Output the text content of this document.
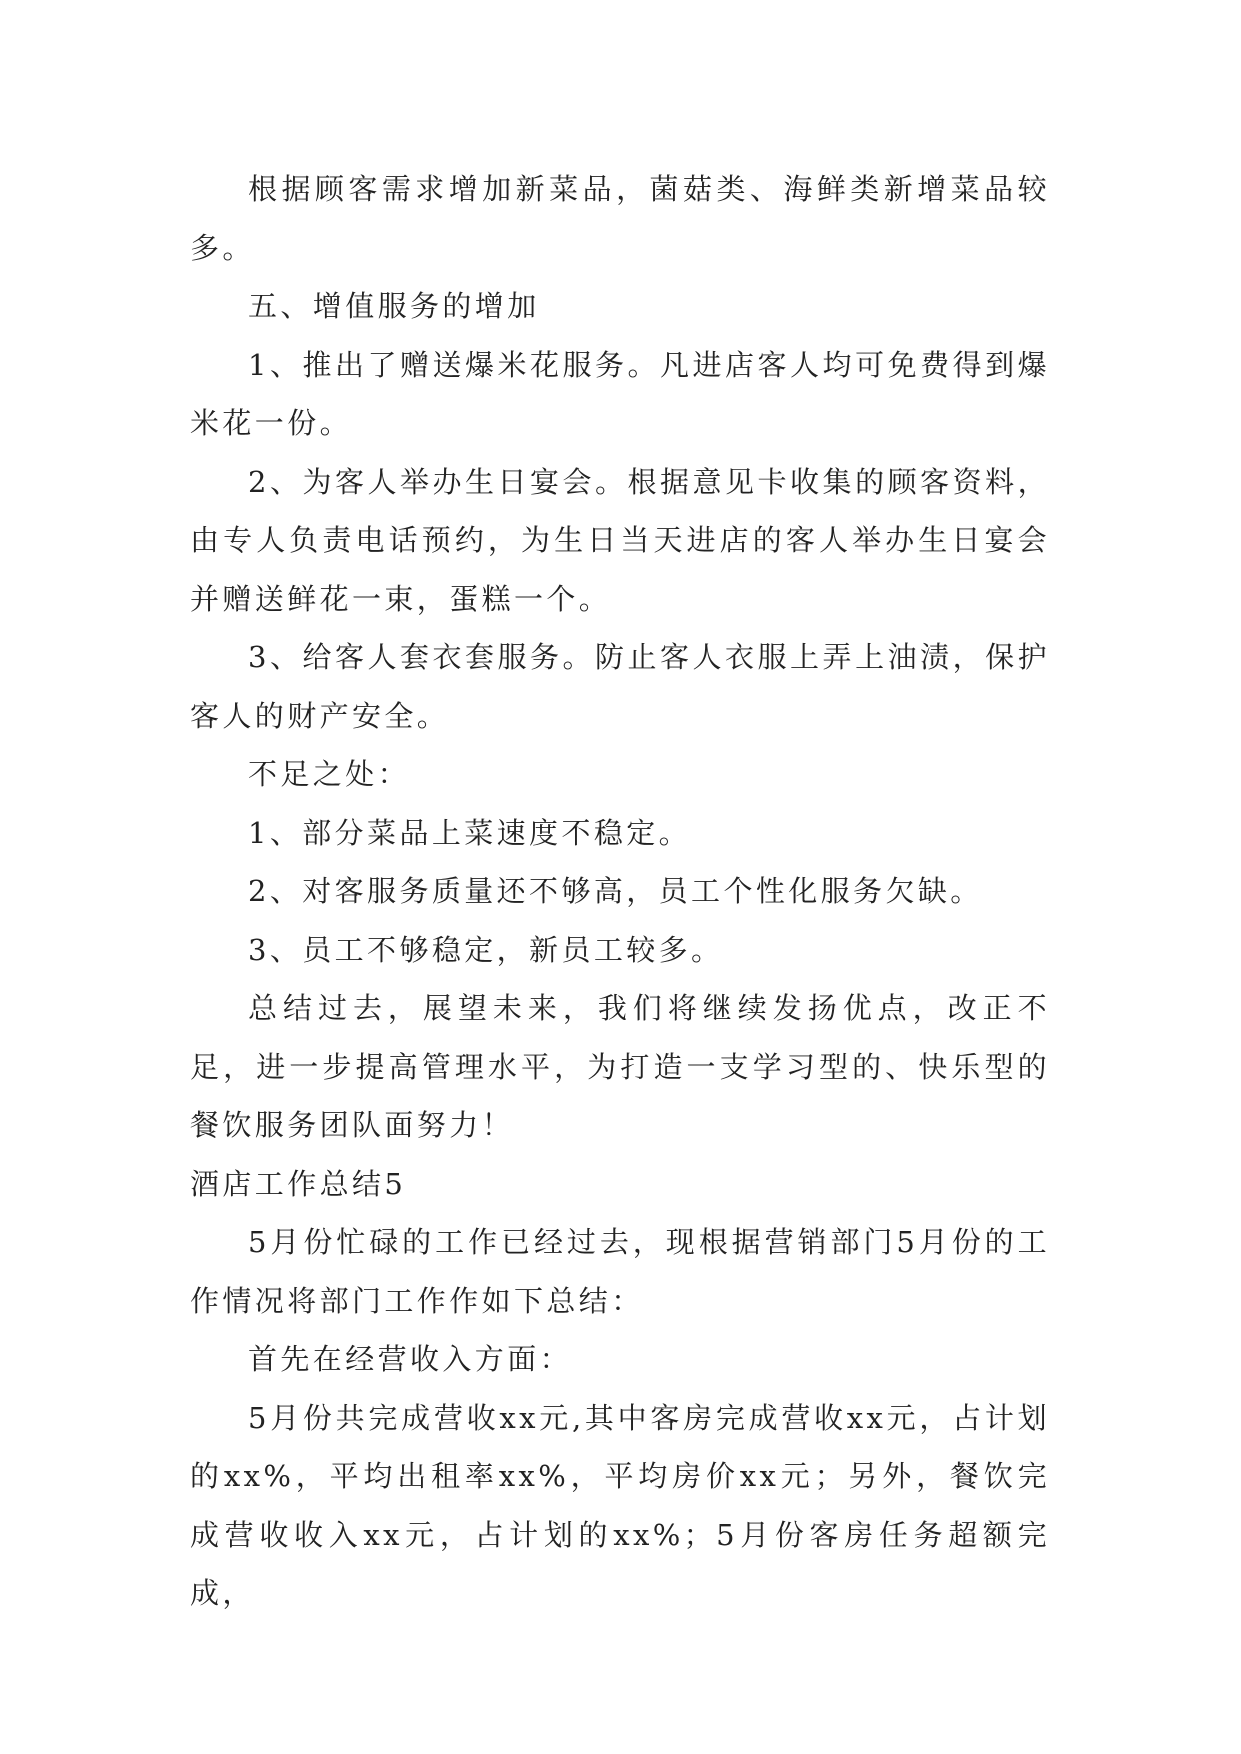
根据顾客需求增加新菜品，菌菇类、海鲜类新增菜品较多。

五、增值服务的增加

1、推出了赠送爆米花服务。凡进店客人均可免费得到爆米花一份。

2、为客人举办生日宴会。根据意见卡收集的顾客资料，由专人负责电话预约，为生日当天进店的客人举办生日宴会并赠送鲜花一束，蛋糕一个。

3、给客人套衣套服务。防止客人衣服上弄上油渍，保护客人的财产安全。

不足之处：

1、部分菜品上菜速度不稳定。

2、对客服务质量还不够高，员工个性化服务欠缺。

3、员工不够稳定，新员工较多。

总结过去，展望未来，我们将继续发扬优点，改正不足，进一步提高管理水平，为打造一支学习型的、快乐型的餐饮服务团队面努力！

酒店工作总结5

5月份忙碌的工作已经过去，现根据营销部门5月份的工作情况将部门工作作如下总结：

首先在经营收入方面：

5月份共完成营收xx元,其中客房完成营收xx元，占计划的xx%，平均出租率xx%，平均房价xx元；另外，餐饮完成营收收入xx元，占计划的xx%；5月份客房任务超额完成，
